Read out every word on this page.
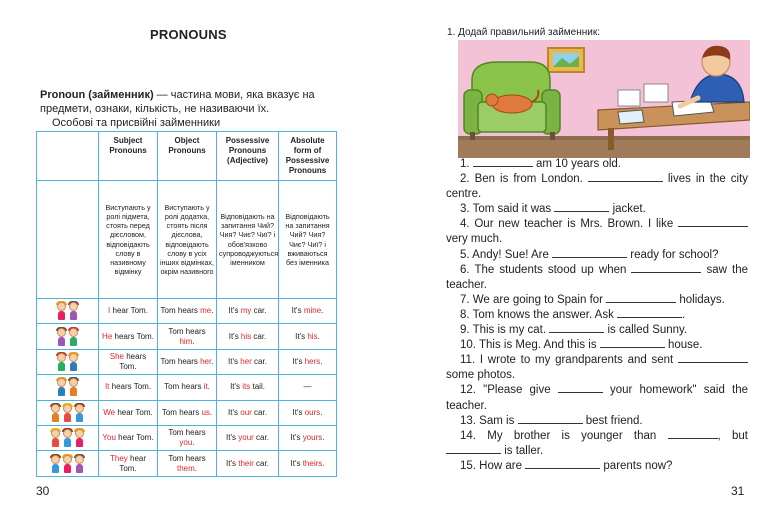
PRONOUNS
Pronoun (займенник) — частина мови, яка вказує на предмети, ознаки, кількість, не називаючи їх.
Особові та присвійні займенники
	Subject Pronouns	Object Pronouns	Possessive Pronouns (Adjective)	Absolute form of Possessive Pronouns
	Виступають у ролі підмета, стоять перед дієсловом, відповідають слову в називному відмінку	Виступають у ролі додатка, стоять після дієслова, відповідають слову в усіх інших відмінках, окрім називного	Відповідають на запитання Чий? Чия? Чиє? Чиї? і обов'язково супроводжуються іменником	Відповідають на запитання Чий? Чия? Чиє? Чиї? і вживаються без іменника

	I hear Tom.	Tom hears me.	It's my car.	It's mine.

	He hears Tom.	Tom hears him.	It's his car.	It's his.

	She hears Tom.	Tom hears her.	It's her car.	It's hers.

	It hears Tom.	Tom hears it.	It's its tail.	—

	We hear Tom.	Tom hears us.	It's our car.	It's ours.

	You hear Tom.	Tom hears you.	It's your car.	It's yours.

	They hear Tom.	Tom hears them.	It's their car.	It's theirs.
30
1. Додай правильний займенник:
1.	am 10 years old.
2. Ben is from London.	lives in the city centre.
3. Tom said it was	jacket.
4. Our new teacher is Mrs. Brown. I like  very much.
5. Andy! Sue! Are	ready for school?
6. The students stood up when	saw the teacher.
7. We are going to Spain for	holidays.
8. Tom knows the answer. Ask	.
9. This is my cat.	is called Sunny.
10. This is Meg. And this is	house.
11. I wrote to my grandparents and sent  some photos.
12. "Please give	your homework" said the teacher.
13. Sam is	best friend.
14. My brother is younger than	, but  is taller.
15. How are	parents now?
31
